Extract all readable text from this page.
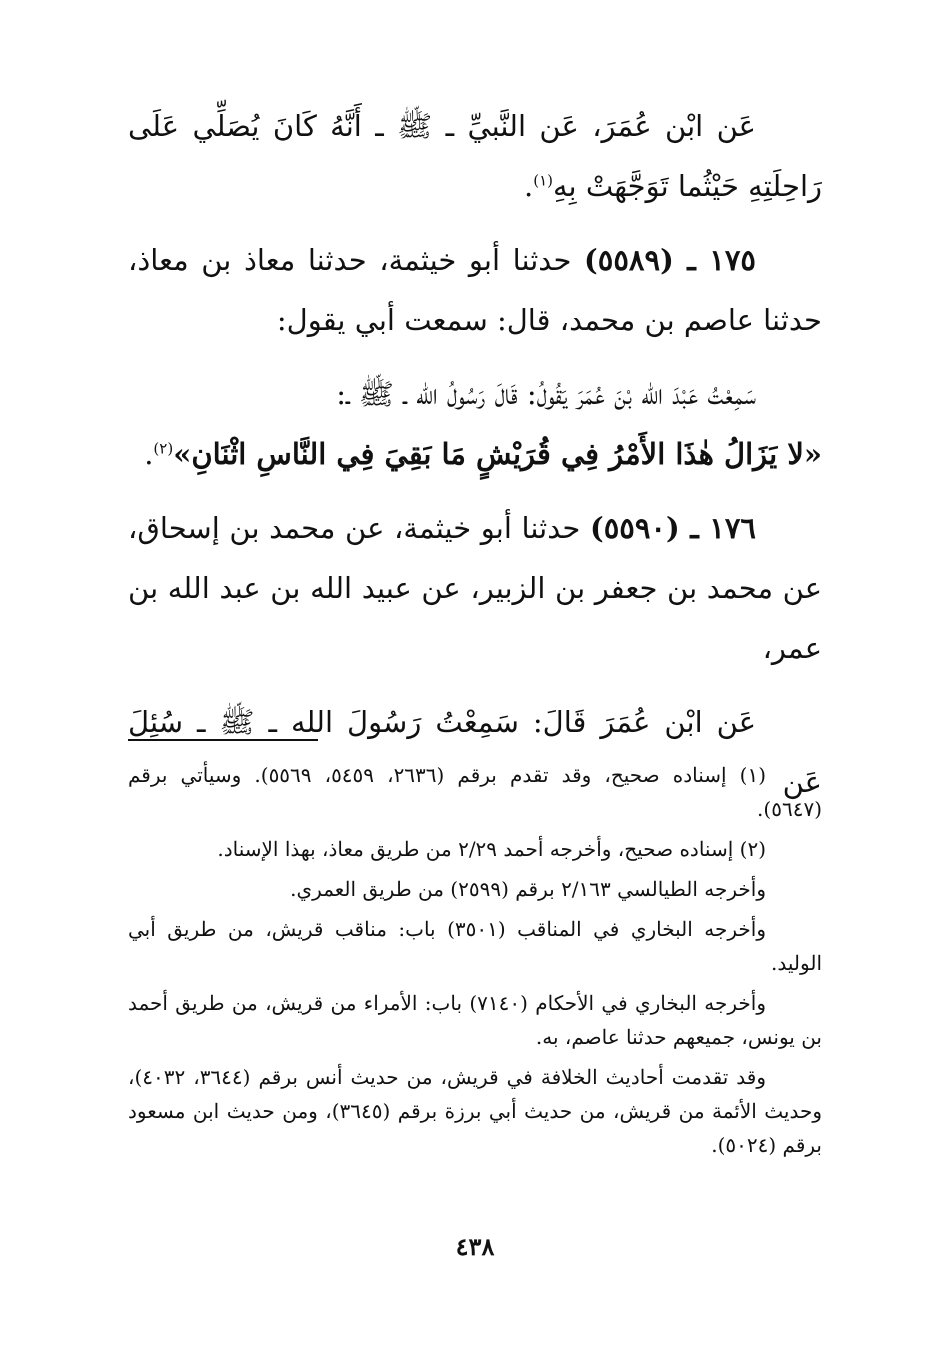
عَن ابْن عُمَرَ، عَن النَّبيِّ ـ ﷺ ـ أَنَّهُ كَانَ يُصَلِّي عَلَى رَاحِلَتِهِ حَيْثُما تَوَجَّهَتْ بِهِ$^{(١)}$.

١٧٥ ـ (٥٥٨٩) حدثنا أبو خيثمة، حدثنا معاذ بن معاذ، حدثنا عاصم بن محمد، قال: سمعت أبي يقول:

سَمِعْتُ عَبْدَ الله بْنَ عُمَرَ يَقُولُ: قَالَ رَسُولُ الله ـ ﷺ ـ:
«لا يَزَالُ هٰذَا الأَمْرُ فِي قُرَيْشٍ مَا بَقِيَ فِي النَّاسِ اثْنَانِ»$^{(٢)}$.

١٧٦ ـ (٥٥٩٠) حدثنا أبو خيثمة، عن محمد بن إسحاق، عن محمد بن جعفر بن الزبير، عن عبيد الله بن عبد الله بن عمر،

عَن ابْن عُمَرَ قَالَ: سَمِعْتُ رَسُولَ الله ـ ﷺ ـ سُئِلَ عَن

(١) إسناده صحيح، وقد تقدم برقم (٢٦٣٦، ٥٤٥٩، ٥٥٦٩). وسيأتي برقم (٥٦٤٧).

(٢) إسناده صحيح، وأخرجه أحمد ٢/٢٩ من طريق معاذ، بهذا الإسناد.

وأخرجه الطيالسي ٢/١٦٣ برقم (٢٥٩٩) من طريق العمري.

وأخرجه البخاري في المناقب (٣٥٠١) باب: مناقب قريش، من طريق أبي الوليد.

وأخرجه البخاري في الأحكام (٧١٤٠) باب: الأمراء من قريش، من طريق أحمد بن يونس، جميعهم حدثنا عاصم، به.

وقد تقدمت أحاديث الخلافة في قريش، من حديث أنس برقم (٣٦٤٤، ٤٠٣٢)، وحديث الأئمة من قريش، من حديث أبي برزة برقم (٣٦٤٥)، ومن حديث ابن مسعود برقم (٥٠٢٤).

٤٣٨
